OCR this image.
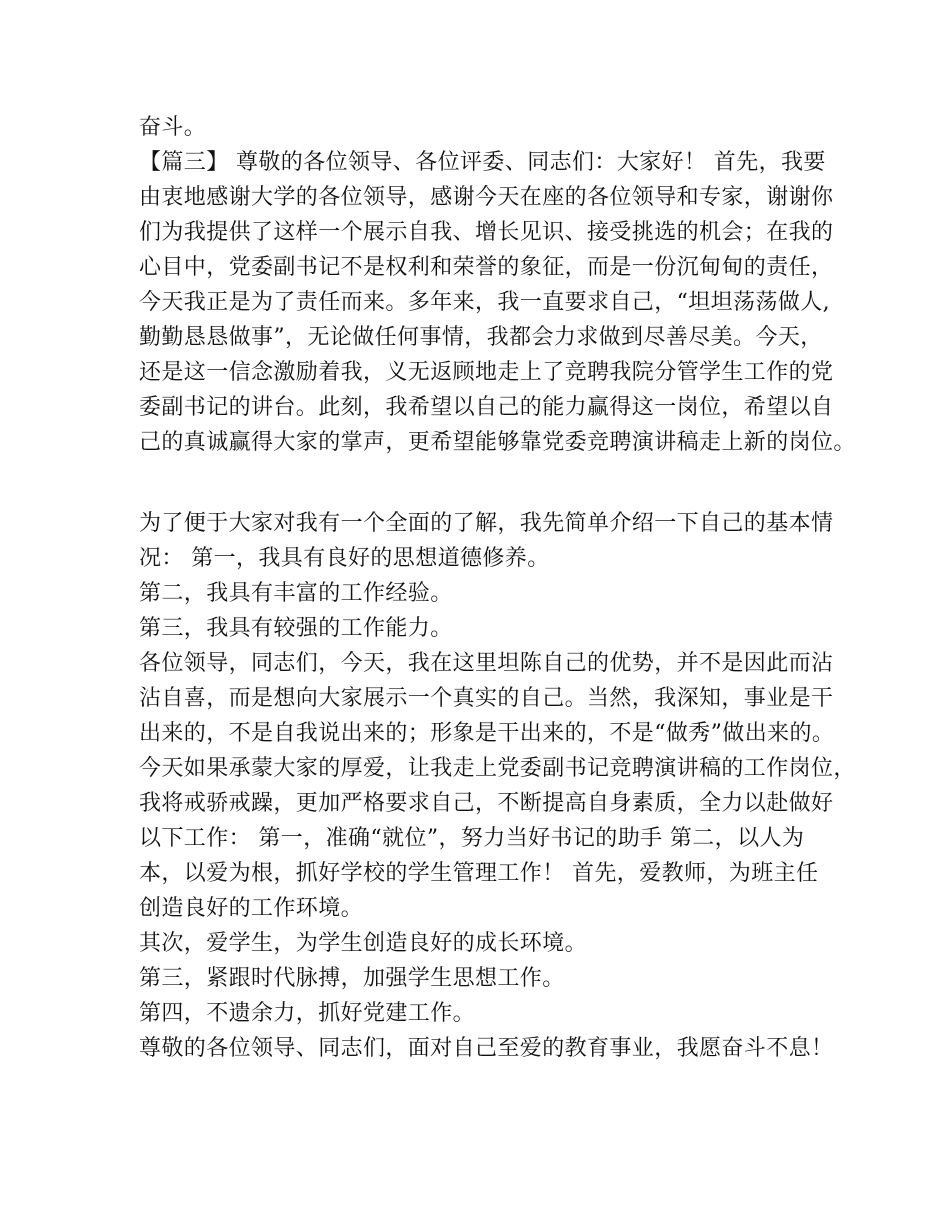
奋斗。
【篇三】 尊敬的各位领导、各位评委、同志们：大家好！ 首先，我要
由衷地感谢大学的各位领导，感谢今天在座的各位领导和专家，谢谢你
们为我提供了这样一个展示自我、增长见识、接受挑选的机会；在我的
心目中，党委副书记不是权利和荣誉的象征，而是一份沉甸甸的责任，
今天我正是为了责任而来。多年来，我一直要求自己，“坦坦荡荡做人,
勤勤恳恳做事”，无论做任何事情，我都会力求做到尽善尽美。今天，
还是这一信念激励着我，义无返顾地走上了竞聘我院分管学生工作的党
委副书记的讲台。此刻，我希望以自己的能力赢得这一岗位，希望以自
己的真诚赢得大家的掌声，更希望能够靠党委竞聘演讲稿走上新的岗位。
为了便于大家对我有一个全面的了解，我先简单介绍一下自己的基本情
况： 第一，我具有良好的思想道德修养。
第二，我具有丰富的工作经验。
第三，我具有较强的工作能力。
各位领导，同志们，今天，我在这里坦陈自己的优势，并不是因此而沾
沾自喜，而是想向大家展示一个真实的自己。当然，我深知，事业是干
出来的，不是自我说出来的；形象是干出来的，不是“做秀”做出来的。
今天如果承蒙大家的厚爱，让我走上党委副书记竞聘演讲稿的工作岗位，
我将戒骄戒躁，更加严格要求自己，不断提高自身素质，全力以赴做好
以下工作： 第一，准确“就位”，努力当好书记的助手 第二，以人为
本，以爱为根，抓好学校的学生管理工作！ 首先，爱教师，为班主任
创造良好的工作环境。
其次，爱学生，为学生创造良好的成长环境。
第三，紧跟时代脉搏，加强学生思想工作。
第四，不遗余力，抓好党建工作。
尊敬的各位领导、同志们，面对自己至爱的教育事业，我愿奋斗不息！
